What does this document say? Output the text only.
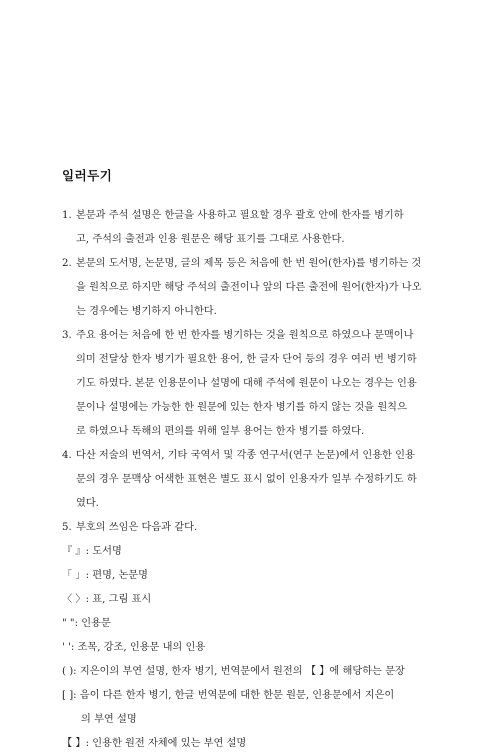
일러두기
1. 본문과 주석 설명은 한글을 사용하고 필요할 경우 괄호 안에 한자를 병기하
고, 주석의 출전과 인용 원문은 해당 표기를 그대로 사용한다.
2. 본문의 도서명, 논문명, 글의 제목 등은 처음에 한 번 원어(한자)를 병기하는 것
을 원칙으로 하지만 해당 주석의 출전이나 앞의 다른 출전에 원어(한자)가 나오
는 경우에는 병기하지 아니한다.
3. 주요 용어는 처음에 한 번 한자를 병기하는 것을 원칙으로 하였으나 문맥이나
의미 전달상 한자 병기가 필요한 용어, 한 글자 단어 등의 경우 여러 번 병기하
기도 하였다. 본문 인용문이나 설명에 대해 주석에 원문이 나오는 경우는 인용
문이나 설명에는 가능한 한 원문에 있는 한자 병기를 하지 않는 것을 원칙으
로 하였으나 독해의 편의를 위해 일부 용어는 한자 병기를 하였다.
4. 다산 저술의 번역서, 기타 국역서 및 각종 연구서(연구 논문)에서 인용한 인용
문의 경우 문맥상 어색한 표현은 별도 표시 없이 인용자가 일부 수정하기도 하
였다.
5. 부호의 쓰임은 다음과 같다.
『 』: 도서명
「 」: 편명, 논문명
〈 〉: 표, 그림 표시
" ": 인용문
' ': 조목, 강조, 인용문 내의 인용
( ): 지은이의 부연 설명, 한자 병기, 번역문에서 원전의 【 】에 해당하는 문장
[ ]: 음이 다른 한자 병기, 한글 번역문에 대한 한문 원문, 인용문에서 지은이
의 부연 설명
【 】: 인용한 원전 자체에 있는 부연 설명
